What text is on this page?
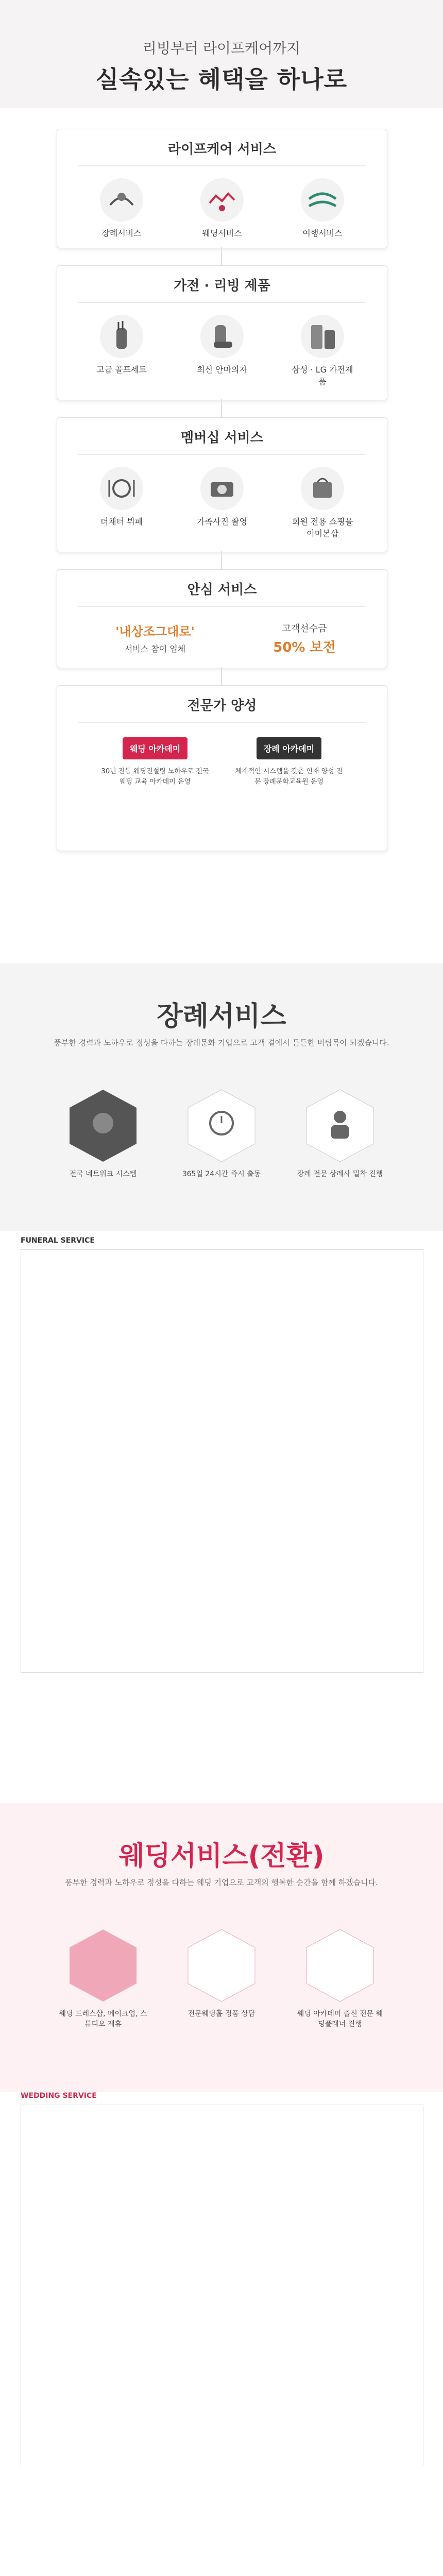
리빙부터 라이프케어까지
실속있는 혜택을 하나로
라이프케어 서비스
장례서비스	웨딩서비스	여행서비스
가전 · 리빙 제품
고급 골프세트	최신 안마의자	삼성 · LG 가전제품
멤버십 서비스
더채터 뷔페	가족사진 촬영	회원 전용 쇼핑몰 이미본샵
안심 서비스
'내상조그대로'
서비스 참여 업체
고객선수금
50% 보전
전문가 양성
웨딩 아카데미
30년 전통 웨딩전설팅 노하우로 전국 웨딩 교육 아카데미 운영
장례 아카데미
체계적인 시스템을 갖춘 인재 양성 전문 장례문화교육원 운영
장례서비스

풍부한 경력과 노하우로 정성을 다하는 장례문화 기업으로 고객 곁에서 든든한 버팀목이 되겠습니다.

전국 네트워크 시스템	365일 24시간 즉시 출동	장례 전문 상례사 밀착 진행
FUNERAL SERVICE
웨딩서비스(전환)

풍부한 경력과 노하우로 정성을 다하는 웨딩 기업으로 고객의 행복한 순간을 함께 하겠습니다.

웨딩 드레스샵, 메이크업, 스튜디오 제휴
전문웨딩홀 정품 상담	웨딩 아카데미 출신 전문 웨딩플래너 진행
WEDDING SERVICE
